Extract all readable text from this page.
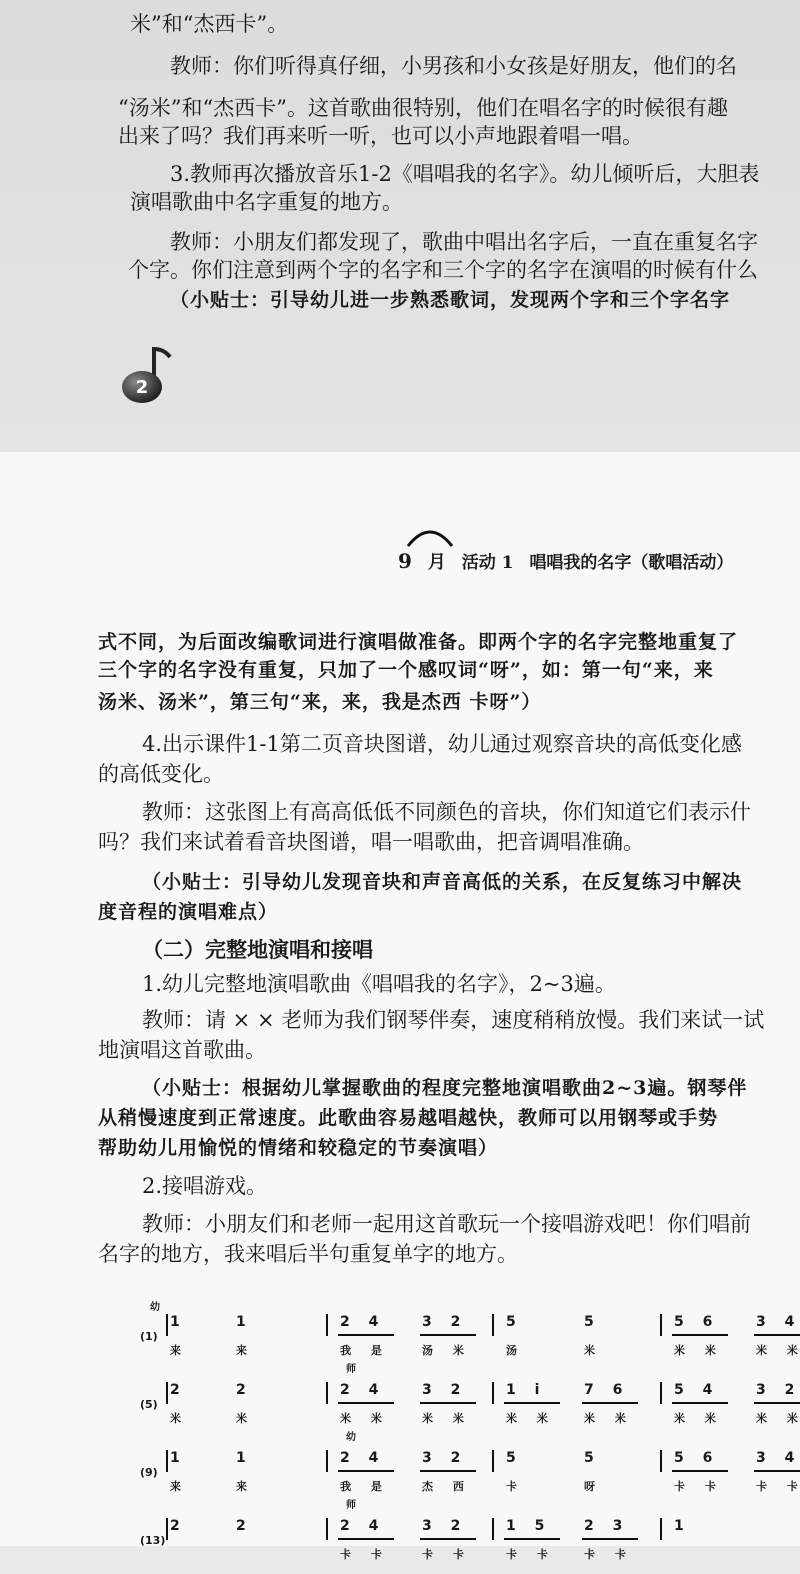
米”和“杰西卡”。
教师：你们听得真仔细，小男孩和小女孩是好朋友，他们的名
“汤米”和“杰西卡”。这首歌曲很特别，他们在唱名字的时候很有趣
出来了吗？我们再来听一听，也可以小声地跟着唱一唱。
3.教师再次播放音乐1-2《唱唱我的名字》。幼儿倾听后，大胆表
演唱歌曲中名字重复的地方。
教师：小朋友们都发现了，歌曲中唱出名字后，一直在重复名字
个字。你们注意到两个字的名字和三个字的名字在演唱的时候有什么
（小贴士：引导幼儿进一步熟悉歌词，发现两个字和三个字名字
2
9 月 活动 1 唱唱我的名字（歌唱活动）
式不同，为后面改编歌词进行演唱做准备。即两个字的名字完整地重复了
三个字的名字没有重复，只加了一个感叹词“呀”，如：第一句“来，来
汤米、汤米”，第三句“来，来，我是杰西 卡呀”）
4.出示课件1-1第二页音块图谱，幼儿通过观察音块的高低变化感
的高低变化。
教师：这张图上有高高低低不同颜色的音块，你们知道它们表示什
吗？我们来试着看音块图谱，唱一唱歌曲，把音调唱准确。
（小贴士：引导幼儿发现音块和声音高低的关系，在反复练习中解决
度音程的演唱难点）
（二）完整地演唱和接唱
1.幼儿完整地演唱歌曲《唱唱我的名字》，2~3遍。
教师：请 × × 老师为我们钢琴伴奏，速度稍稍放慢。我们来试一试
地演唱这首歌曲。
（小贴士：根据幼儿掌握歌曲的程度完整地演唱歌曲2~3遍。钢琴伴
从稍慢速度到正常速度。此歌曲容易越唱越快，教师可以用钢琴或手势
帮助幼儿用愉悦的情绪和较稳定的节奏演唱）
2.接唱游戏。
教师：小朋友们和老师一起用这首歌玩一个接唱游戏吧！你们唱前
名字的地方，我来唱后半句重复单字的地方。
(1)
幼
1
来
1
来
2 4
我 是
3 2
汤 米
5
汤
5
米
5 6
米 米
3 4
米 米
(5)
师
2
米
2
米
2 4
米 米
3 2
米 米
1 i
米 米
7 6
米 米
5 4
米 米
3 2
米 米
(9)
幼
1
来
1
来
2 4
我 是
3 2
杰 西
5
卡
5
呀
5 6
卡 卡
3 4
卡 卡
(13)
师
2	2	2 4
卡 卡
3 2
卡 卡
1 5
卡 卡
2 3
卡 卡
1
